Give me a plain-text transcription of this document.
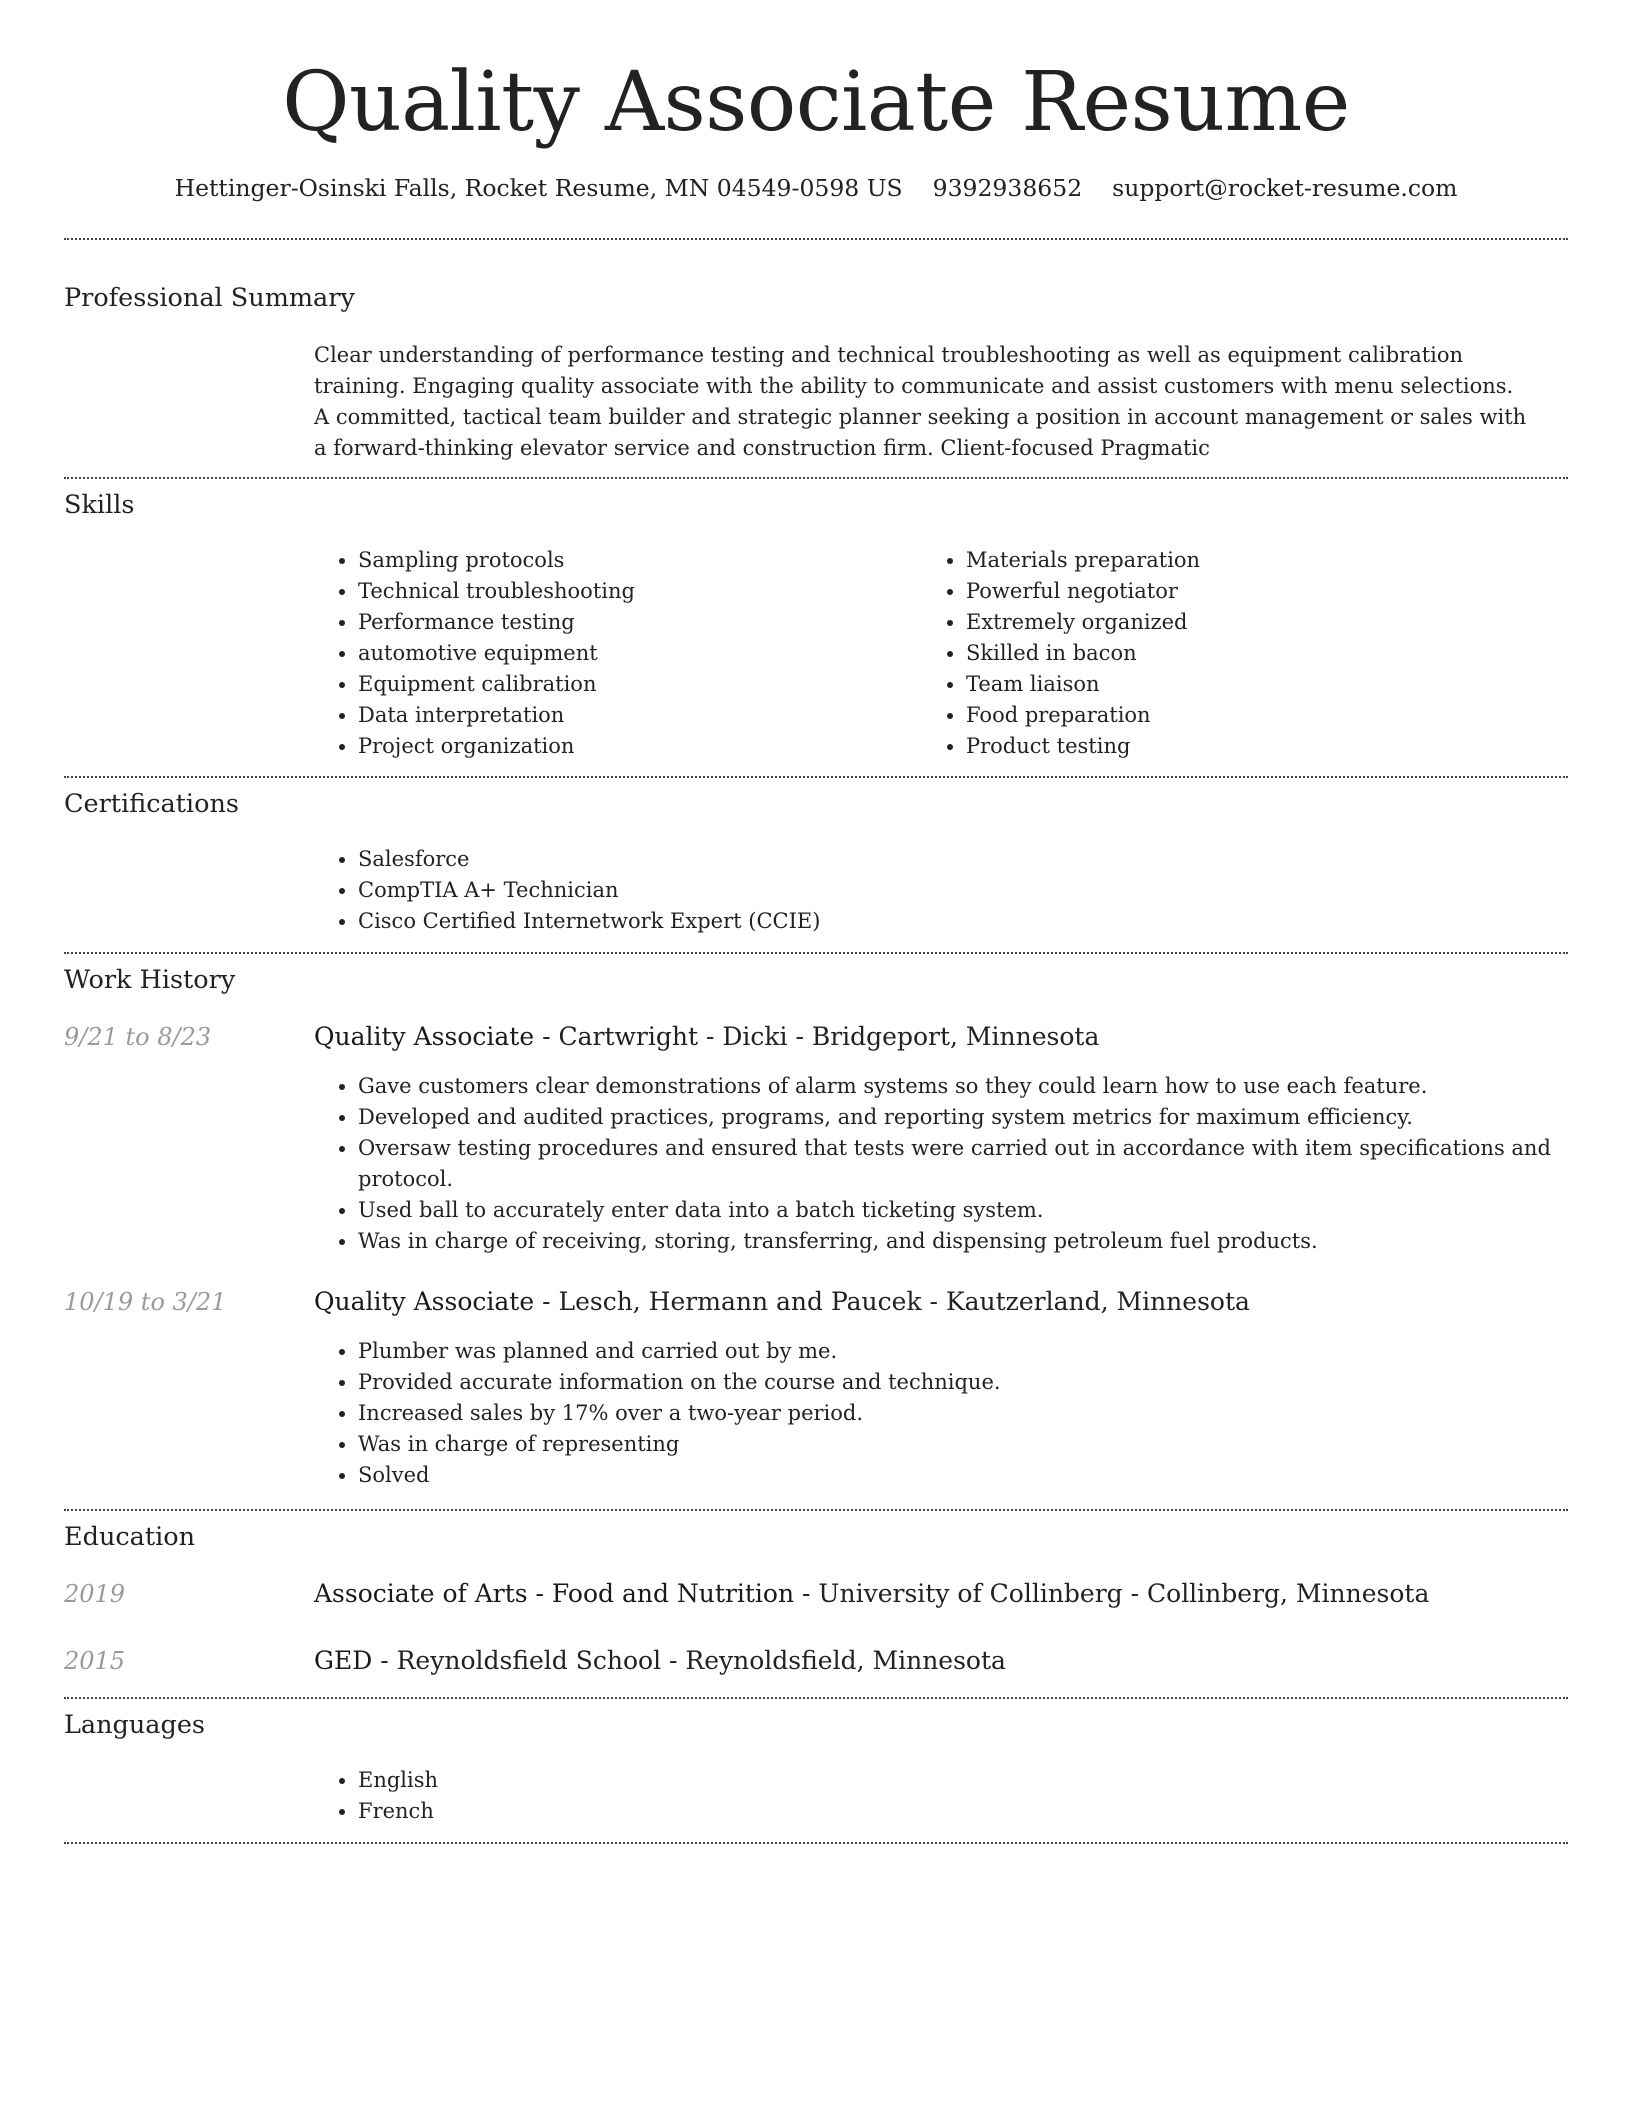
Quality Associate Resume
Hettinger-Osinski Falls, Rocket Resume, MN 04549-0598 US 9392938652 support@rocket-resume.com
Professional Summary

Clear understanding of performance testing and technical troubleshooting as well as equipment calibration training. Engaging quality associate with the ability to communicate and assist customers with menu selections. A committed, tactical team builder and strategic planner seeking a position in account management or sales with a forward-thinking elevator service and construction firm. Client-focused Pragmatic

Skills
• Sampling protocols
• Technical troubleshooting
• Performance testing
• automotive equipment
• Equipment calibration
• Data interpretation
• Project organization
• Materials preparation
• Powerful negotiator
• Extremely organized
• Skilled in bacon
• Team liaison
• Food preparation
• Product testing
Certifications
• Salesforce
• CompTIA A+ Technician
• Cisco Certified Internetwork Expert (CCIE)
Work History
9/21 to 8/23	Quality Associate - Cartwright - Dicki - Bridgeport, Minnesota
• Gave customers clear demonstrations of alarm systems so they could learn how to use each feature.
• Developed and audited practices, programs, and reporting system metrics for maximum efficiency.
• Oversaw testing procedures and ensured that tests were carried out in accordance with item specifications and protocol.
• Used ball to accurately enter data into a batch ticketing system.
• Was in charge of receiving, storing, transferring, and dispensing petroleum fuel products.
10/19 to 3/21	Quality Associate - Lesch, Hermann and Paucek - Kautzerland, Minnesota
• Plumber was planned and carried out by me.
• Provided accurate information on the course and technique.
• Increased sales by 17% over a two-year period.
• Was in charge of representing
• Solved
Education
2019	Associate of Arts - Food and Nutrition - University of Collinberg - Collinberg, Minnesota
2015	GED - Reynoldsfield School - Reynoldsfield, Minnesota
Languages
• English
• French
